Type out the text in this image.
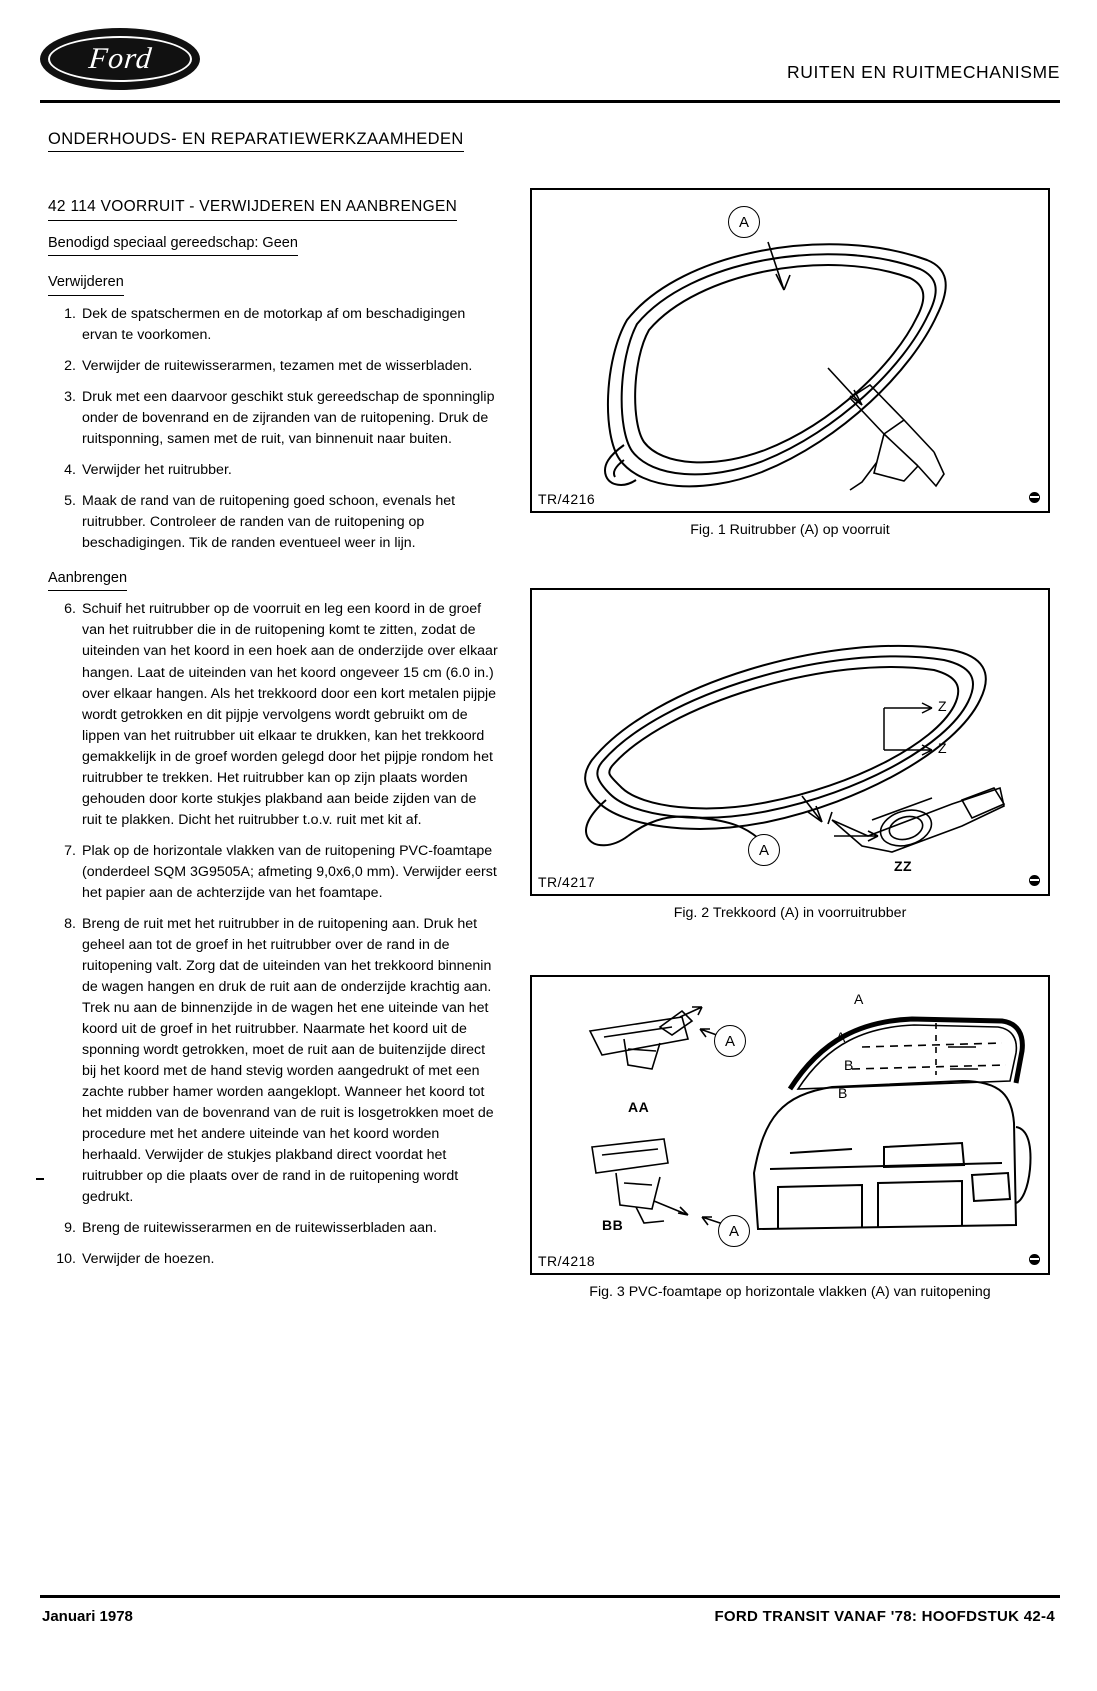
Ford	RUITEN EN RUITMECHANISME
ONDERHOUDS- EN REPARATIEWERKZAAMHEDEN
42 114 VOORRUIT - VERWIJDEREN EN AANBRENGEN
Benodigd speciaal gereedschap: Geen
Verwijderen
1. Dek de spatschermen en de motorkap af om beschadigingen ervan te voorkomen.
2. Verwijder de ruitewisserarmen, tezamen met de wisserbladen.
3. Druk met een daarvoor geschikt stuk gereedschap de sponninglip onder de bovenrand en de zijranden van de ruitopening. Druk de ruitsponning, samen met de ruit, van binnenuit naar buiten.
4. Verwijder het ruitrubber.
5. Maak de rand van de ruitopening goed schoon, evenals het ruitrubber. Controleer de randen van de ruitopening op beschadigingen. Tik de randen eventueel weer in lijn.
Aanbrengen
6. Schuif het ruitrubber op de voorruit en leg een koord in de groef van het ruitrubber die in de ruitopening komt te zitten, zodat de uiteinden van het koord in een hoek aan de onderzijde over elkaar hangen. Laat de uiteinden van het koord ongeveer 15 cm (6.0 in.) over elkaar hangen. Als het trekkoord door een kort metalen pijpje wordt getrokken en dit pijpje vervolgens wordt gebruikt om de lippen van het ruitrubber uit elkaar te drukken, kan het trekkoord gemakkelijk in de groef worden gelegd door het pijpje rondom het ruitrubber te trekken. Het ruitrubber kan op zijn plaats worden gehouden door korte stukjes plakband aan beide zijden van de ruit te plakken. Dicht het ruitrubber t.o.v. ruit met kit af.
7. Plak op de horizontale vlakken van de ruitopening PVC-foamtape (onderdeel SQM 3G9505A; afmeting 9,0x6,0 mm). Verwijder eerst het papier aan de achterzijde van het foamtape.
8. Breng de ruit met het ruitrubber in de ruitopening aan. Druk het geheel aan tot de groef in het ruitrubber over de rand in de ruitopening valt. Zorg dat de uiteinden van het trekkoord binnenin de wagen hangen en druk de ruit aan de onderzijde krachtig aan. Trek nu aan de binnenzijde in de wagen het ene uiteinde van het koord uit de groef in het ruitrubber. Naarmate het koord uit de sponning wordt getrokken, moet de ruit aan de buitenzijde direct bij het koord met de hand stevig worden aangedrukt of met een zachte rubber hamer worden aangeklopt. Wanneer het koord tot het midden van de bovenrand van de ruit is losgetrokken moet de procedure met het andere uiteinde van het koord worden herhaald. Verwijder de stukjes plakband direct voordat het ruitrubber op die plaats over de rand in de ruitopening wordt gedrukt.
9. Breng de ruitewisserarmen en de ruitewisserbladen aan.
10. Verwijder de hoezen.
A
TR/4216
Fig. 1 Ruitrubber (A) op voorruit
Z
Z
A
ZZ
TR/4217
Fig. 2 Trekkoord (A) in voorruitrubber
A
AA
BB	A
A
A
B
B
TR/4218
Fig. 3 PVC-foamtape op horizontale vlakken (A) van ruitopening
Januari 1978	FORD TRANSIT VANAF '78: HOOFDSTUK 42-4
